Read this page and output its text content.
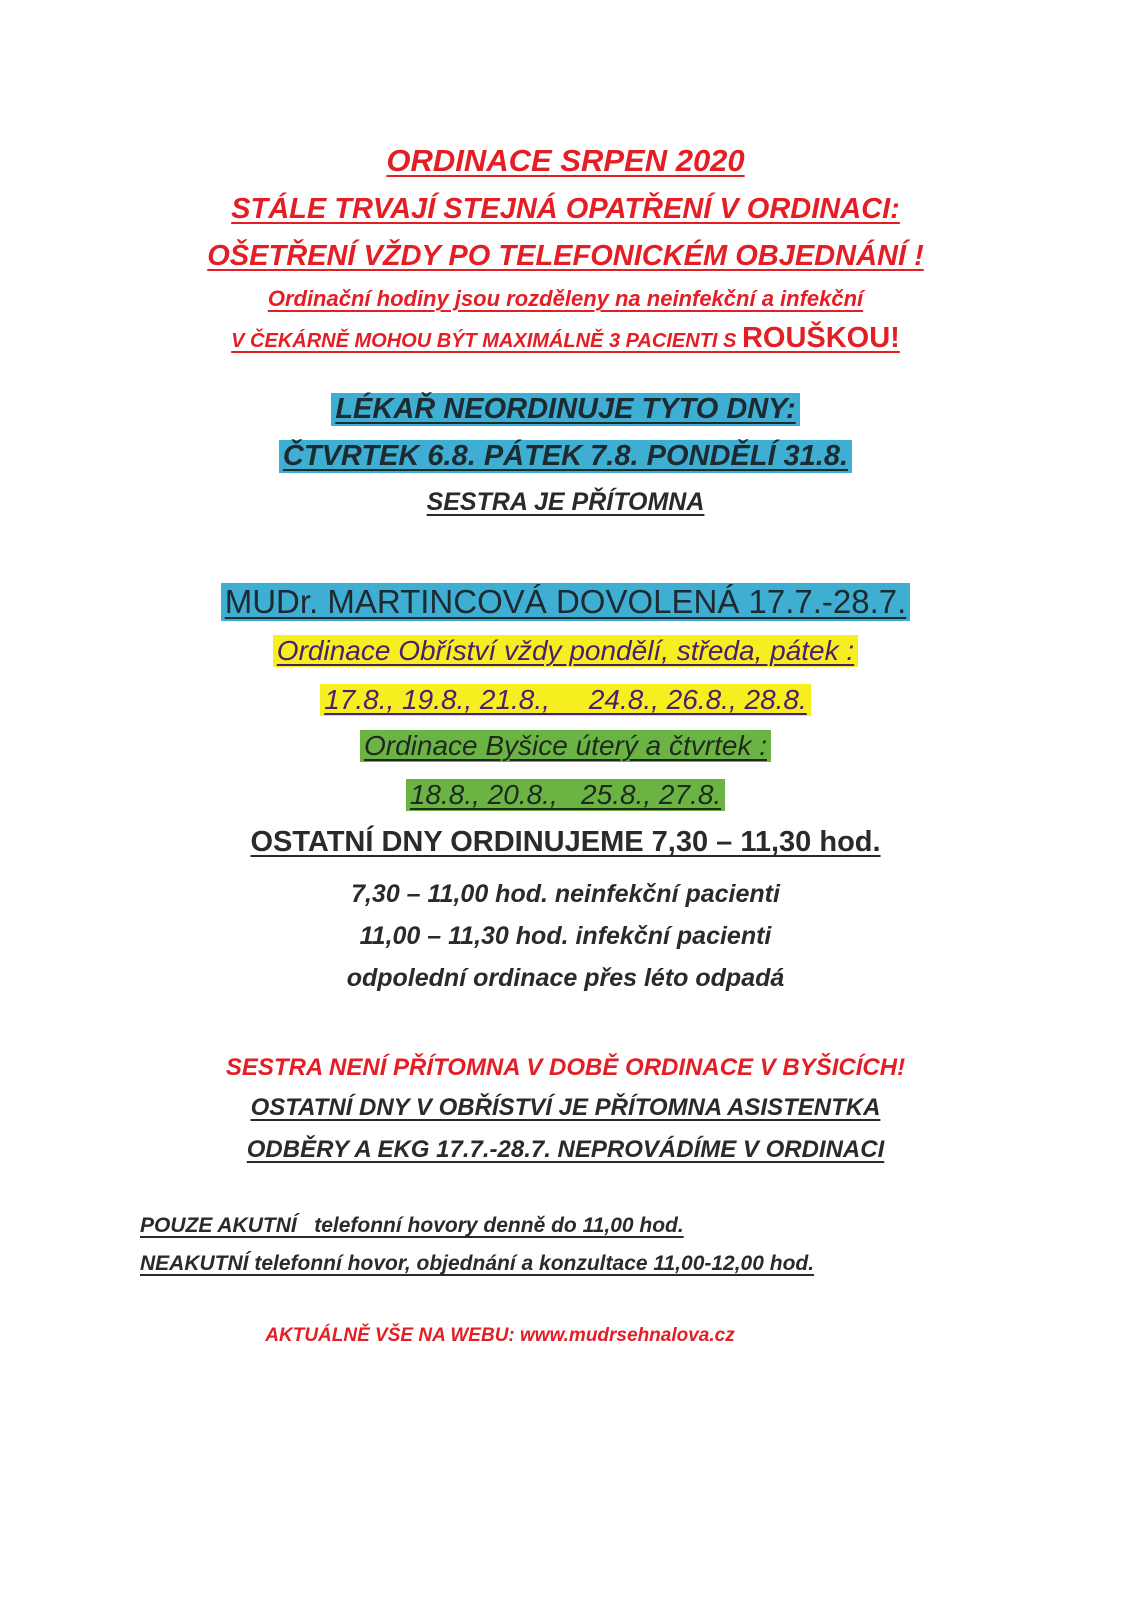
ORDINACE SRPEN 2020
STÁLE TRVAJÍ STEJNÁ OPATŘENÍ V ORDINACI:
OŠETŘENÍ VŽDY PO TELEFONICKÉM OBJEDNÁNÍ !
Ordinační hodiny jsou rozděleny na neinfekční a infekční
V ČEKÁRNĚ MOHOU BÝT MAXIMÁLNĚ 3 PACIENTI S ROUŠKOU!
LÉKAŘ NEORDINUJE TYTO DNY:
ČTVRTEK 6.8. PÁTEK 7.8. PONDĚLÍ 31.8.
SESTRA JE PŘÍTOMNA
MUDr. MARTINCOVÁ DOVOLENÁ 17.7.-28.7.
Ordinace Obříství vždy pondělí, středa, pátek :
17.8., 19.8., 21.8.,     24.8., 26.8., 28.8.
Ordinace Byšice úterý a čtvrtek :
18.8., 20.8.,   25.8., 27.8.
OSTATNÍ DNY ORDINUJEME 7,30 – 11,30 hod.
7,30 – 11,00 hod. neinfekční pacienti
11,00 – 11,30 hod. infekční pacienti
odpolední ordinace přes léto odpadá
SESTRA NENÍ PŘÍTOMNA V DOBĚ ORDINACE V BYŠICÍCH!
OSTATNÍ DNY V OBŘÍSTVÍ JE PŘÍTOMNA ASISTENTKA
ODBĚRY A EKG 17.7.-28.7. NEPROVÁDÍME V ORDINACI
POUZE AKUTNÍ   telefonní hovory denně do 11,00 hod.
NEAKUTNÍ telefonní hovor, objednání a konzultace 11,00-12,00 hod.
AKTUÁLNĚ VŠE NA WEBU: www.mudrsehnalova.cz
